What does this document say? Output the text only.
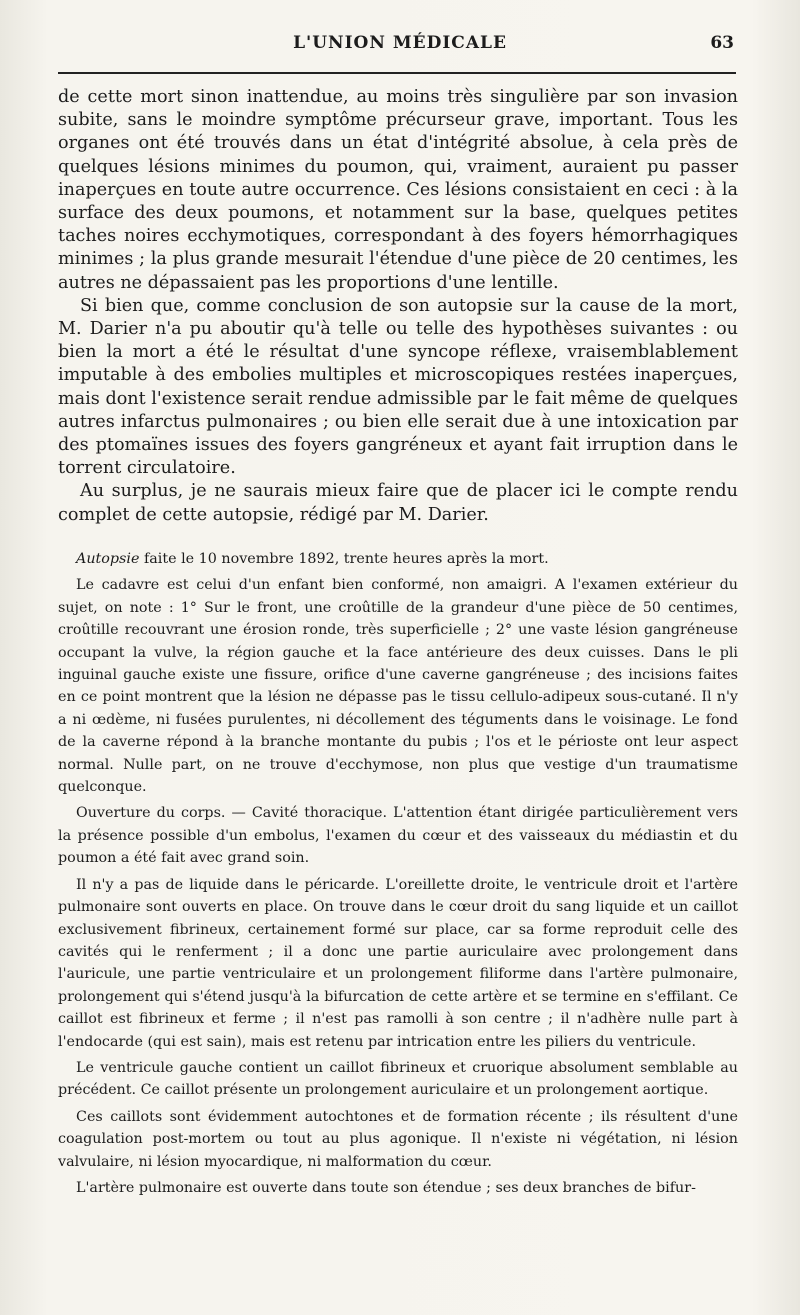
L'UNION MÉDICALE	63

de cette mort sinon inattendue, au moins très singulière par son invasion subite, sans le moindre symptôme précurseur grave, important. Tous les organes ont été trouvés dans un état d'intégrité absolue, à cela près de quelques lésions minimes du poumon, qui, vraiment, auraient pu passer inaperçues en toute autre occurrence. Ces lésions consistaient en ceci : à la surface des deux poumons, et notamment sur la base, quelques petites taches noires ecchymotiques, correspondant à des foyers hémorrhagiques minimes ; la plus grande mesurait l'étendue d'une pièce de 20 centimes, les autres ne dépassaient pas les proportions d'une lentille.

Si bien que, comme conclusion de son autopsie sur la cause de la mort, M. Darier n'a pu aboutir qu'à telle ou telle des hypothèses suivantes : ou bien la mort a été le résultat d'une syncope réflexe, vraisemblablement imputable à des embolies multiples et microscopiques restées inaperçues, mais dont l'existence serait rendue admissible par le fait même de quelques autres infarctus pulmonaires ; ou bien elle serait due à une intoxication par des ptomaïnes issues des foyers gangréneux et ayant fait irruption dans le torrent circulatoire.

Au surplus, je ne saurais mieux faire que de placer ici le compte rendu complet de cette autopsie, rédigé par M. Darier.

Autopsie faite le 10 novembre 1892, trente heures après la mort.

Le cadavre est celui d'un enfant bien conformé, non amaigri. A l'examen extérieur du sujet, on note : 1° Sur le front, une croûtille de la grandeur d'une pièce de 50 centimes, croûtille recouvrant une érosion ronde, très superficielle ; 2° une vaste lésion gangréneuse occupant la vulve, la région gauche et la face antérieure des deux cuisses. Dans le pli inguinal gauche existe une fissure, orifice d'une caverne gangréneuse ; des incisions faites en ce point montrent que la lésion ne dépasse pas le tissu cellulo-adipeux sous-cutané. Il n'y a ni œdème, ni fusées purulentes, ni décollement des téguments dans le voisinage. Le fond de la caverne répond à la branche montante du pubis ; l'os et le périoste ont leur aspect normal. Nulle part, on ne trouve d'ecchymose, non plus que vestige d'un traumatisme quelconque.

Ouverture du corps. — Cavité thoracique. L'attention étant dirigée particulièrement vers la présence possible d'un embolus, l'examen du cœur et des vaisseaux du médiastin et du poumon a été fait avec grand soin.

Il n'y a pas de liquide dans le péricarde. L'oreillette droite, le ventricule droit et l'artère pulmonaire sont ouverts en place. On trouve dans le cœur droit du sang liquide et un caillot exclusivement fibrineux, certainement formé sur place, car sa forme reproduit celle des cavités qui le renferment ; il a donc une partie auriculaire avec prolongement dans l'auricule, une partie ventriculaire et un prolongement filiforme dans l'artère pulmonaire, prolongement qui s'étend jusqu'à la bifurcation de cette artère et se termine en s'effilant. Ce caillot est fibrineux et ferme ; il n'est pas ramolli à son centre ; il n'adhère nulle part à l'endocarde (qui est sain), mais est retenu par intrication entre les piliers du ventricule.

Le ventricule gauche contient un caillot fibrineux et cruorique absolument semblable au précédent. Ce caillot présente un prolongement auriculaire et un prolongement aortique.

Ces caillots sont évidemment autochtones et de formation récente ; ils résultent d'une coagulation post-mortem ou tout au plus agonique. Il n'existe ni végétation, ni lésion valvulaire, ni lésion myocardique, ni malformation du cœur.

L'artère pulmonaire est ouverte dans toute son étendue ; ses deux branches de bifur-
